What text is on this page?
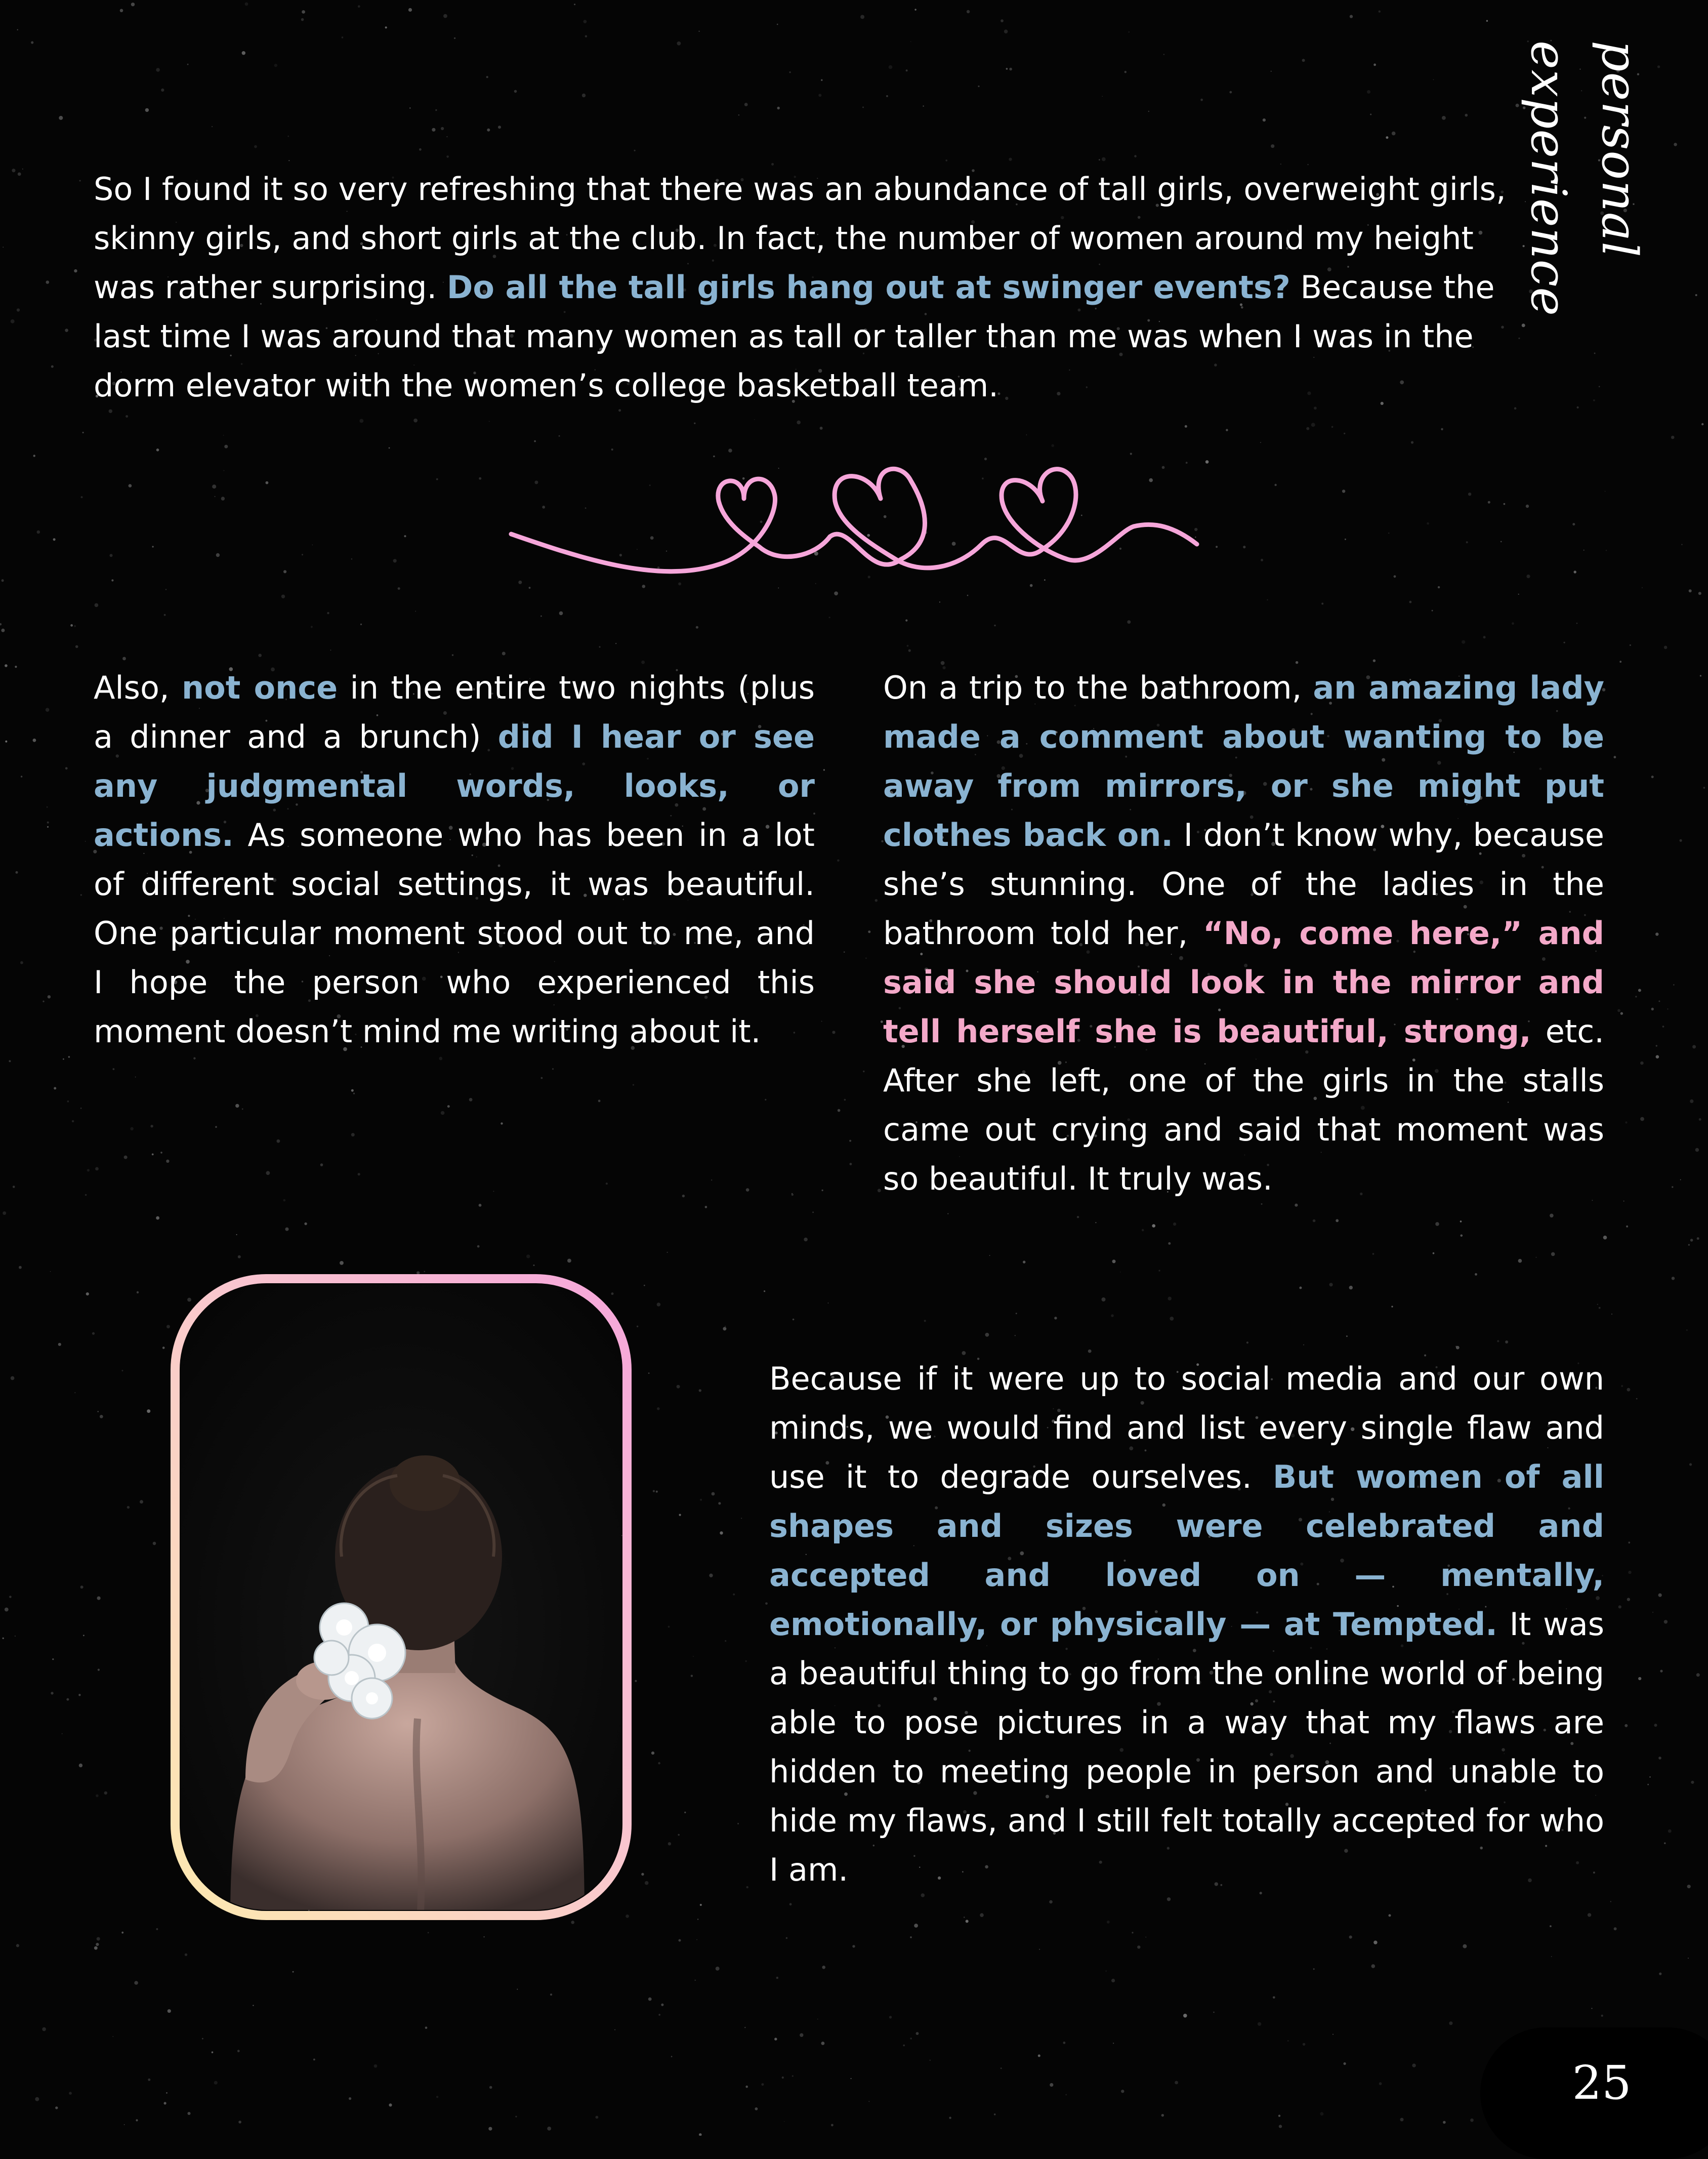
personal experience
So I found it so very refreshing that there was an abundance of tall girls, overweight girls, skinny girls, and short girls at the club. In fact, the number of women around my height was rather surprising. Do all the tall girls hang out at swinger events? Because the last time I was around that many women as tall or taller than me was when I was in the dorm elevator with the women’s college basketball team.
Also, not once in the entire two nights (plus a dinner and a brunch) did I hear or see any judgmental words, looks, or actions. As someone who has been in a lot of different social settings, it was beautiful. One particular moment stood out to me, and I hope the person who experienced this moment doesn’t mind me writing about it.
On a trip to the bathroom, an amazing lady made a comment about wanting to be away from mirrors, or she might put clothes back on. I don’t know why, because she’s stunning. One of the ladies in the bathroom told her, “No, come here,” and said she should look in the mirror and tell herself she is beautiful, strong, etc. After she left, one of the girls in the stalls came out crying and said that moment was so beautiful. It truly was.
Because if it were up to social media and our own minds, we would find and list every single flaw and use it to degrade ourselves. But women of all shapes and sizes were celebrated and accepted and loved on — mentally, emotionally, or physically — at Tempted. It was a beautiful thing to go from the online world of being able to pose pictures in a way that my flaws are hidden to meeting people in person and unable to hide my flaws, and I still felt totally accepted for who I am.
25
